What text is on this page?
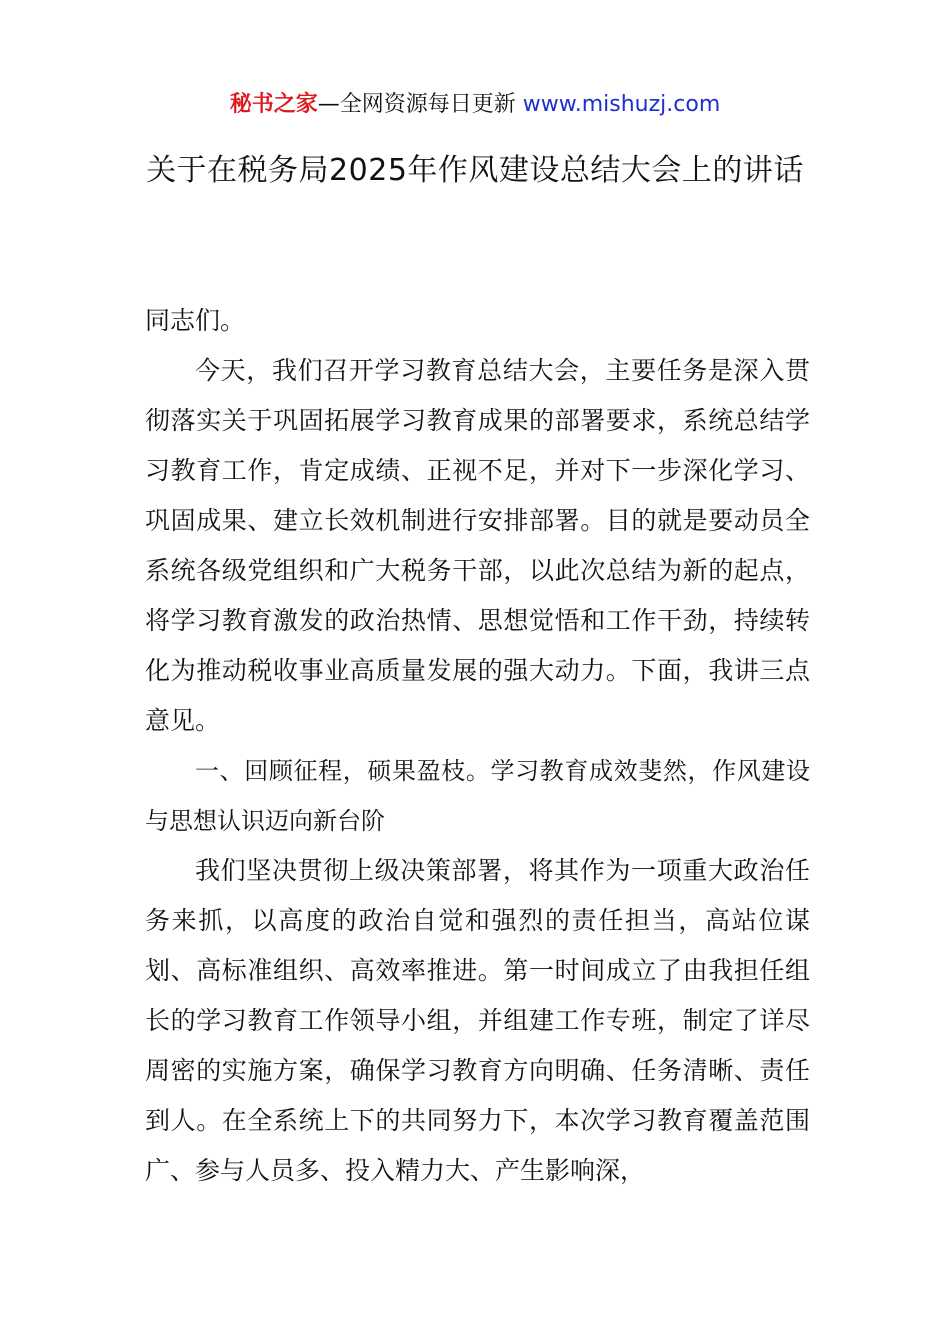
秘书之家—全网资源每日更新 www.mishuzj.com
关于在税务局2025年作风建设总结大会上的讲话

同志们。

今天，我们召开学习教育总结大会，主要任务是深入贯彻落实关于巩固拓展学习教育成果的部署要求，系统总结学习教育工作，肯定成绩、正视不足，并对下一步深化学习、巩固成果、建立长效机制进行安排部署。目的就是要动员全系统各级党组织和广大税务干部，以此次总结为新的起点，将学习教育激发的政治热情、思想觉悟和工作干劲，持续转化为推动税收事业高质量发展的强大动力。下面，我讲三点意见。

一、回顾征程，硕果盈枝。学习教育成效斐然，作风建设与思想认识迈向新台阶

我们坚决贯彻上级决策部署，将其作为一项重大政治任务来抓，以高度的政治自觉和强烈的责任担当，高站位谋划、高标准组织、高效率推进。第一时间成立了由我担任组长的学习教育工作领导小组，并组建工作专班，制定了详尽周密的实施方案，确保学习教育方向明确、任务清晰、责任到人。在全系统上下的共同努力下，本次学习教育覆盖范围广、参与人员多、投入精力大、产生影响深，
